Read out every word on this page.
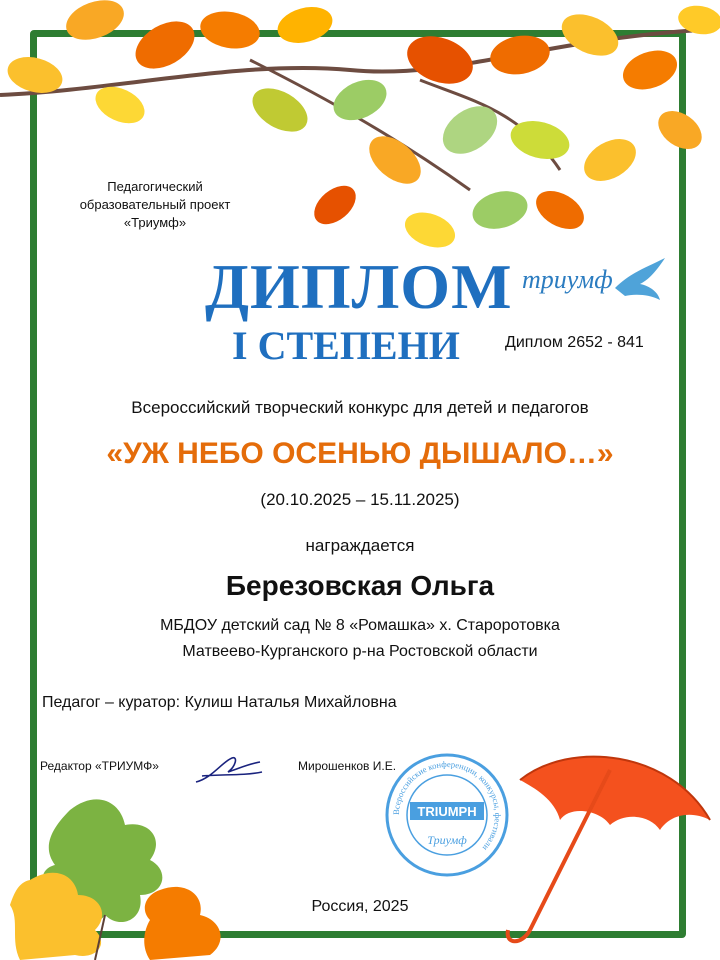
Педагогический
образовательный проект
«Триумф»
ДИПЛОМ
I СТЕПЕНИ	Диплом 2652 - 841
триумф
Всероссийский творческий конкурс для детей и педагогов
«УЖ НЕБО ОСЕНЬЮ ДЫШАЛО…»
(20.10.2025 – 15.11.2025)
награждается
Березовская Ольга
МБДОУ детский сад № 8 «Ромашка» х. Староротовка
Матвеево-Курганского р-на Ростовской области
Педагог – куратор: Кулиш Наталья Михайловна
Редактор «ТРИУМФ»	Мирошенков И.Е.
Всероссийские конференции, конкурсы, фестивали
TRIUMPH
Триумф
Россия, 2025
